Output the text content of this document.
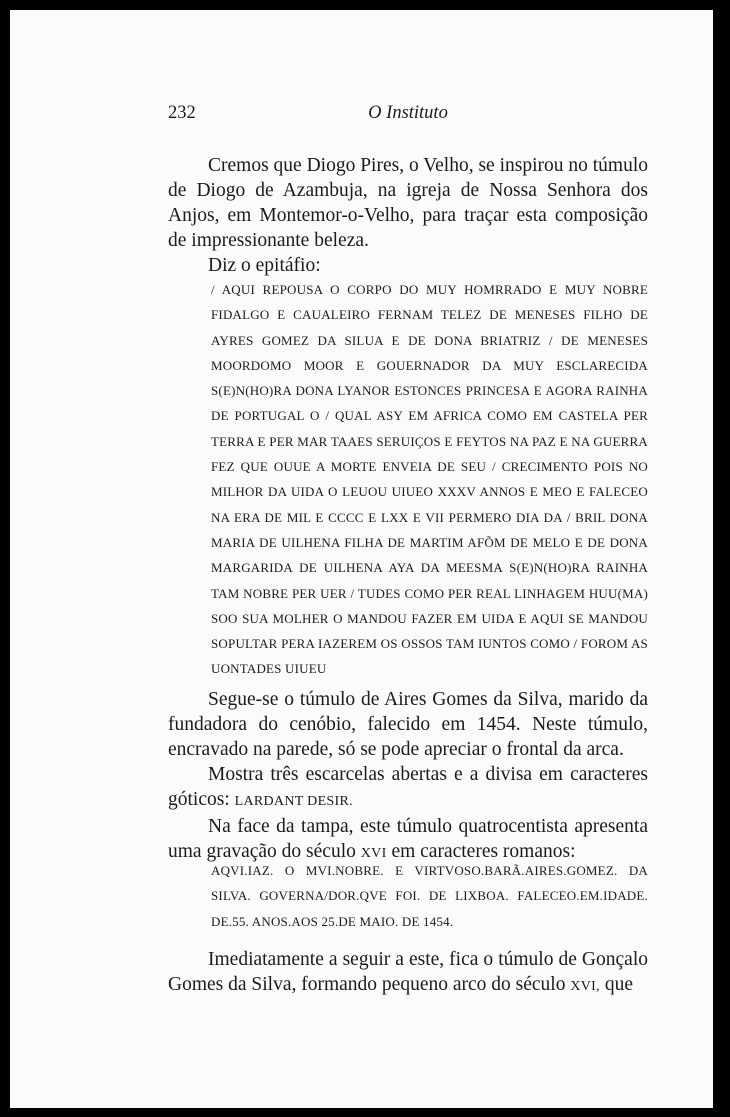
232	O Instituto

Cremos que Diogo Pires, o Velho, se inspirou no túmulo de Diogo de Azambuja, na igreja de Nossa Senhora dos Anjos, em Montemor-o-Velho, para traçar esta composição de impressionante beleza.

Diz o epitáfio:

/ AQUI REPOUSA O CORPO DO MUY HOMRRADO E MUY NOBRE FIDALGO E CAUALEIRO FERNAM TELEZ DE MENESES FILHO DE AYRES GOMEZ DA SILUA E DE DONA BRIATRIZ / DE MENESES MOORDOMO MOOR E GOUERNADOR DA MUY ESCLARECIDA S(E)N(HO)RA DONA LYANOR ESTONCES PRINCESA E AGORA RAINHA DE PORTUGAL O / QUAL ASY EM AFRICA COMO EM CASTELA PER TERRA E PER MAR TAAES SERUIÇOS E FEYTOS NA PAZ E NA GUERRA FEZ QUE OUUE A MORTE ENVEIA DE SEU / CRECIMENTO POIS NO MILHOR DA UIDA O LEUOU UIUEO XXXV ANNOS E MEO E FALECEO NA ERA DE MIL E CCCC E LXX E VII PERMERO DIA DA / BRIL DONA MARIA DE UILHENA FILHA DE MARTIM AFÕM DE MELO E DE DONA MARGARIDA DE UILHENA AYA DA MEESMA S(E)N(HO)RA RAINHA TAM NOBRE PER UER / TUDES COMO PER REAL LINHAGEM HUU(MA) SOO SUA MOLHER O MANDOU FAZER EM UIDA E AQUI SE MANDOU SOPULTAR PERA IAZEREM OS OSSOS TAM IUNTOS COMO / FOROM AS UONTADES UIUEU

Segue-se o túmulo de Aires Gomes da Silva, marido da fundadora do cenóbio, falecido em 1454. Neste túmulo, encravado na parede, só se pode apreciar o frontal da arca.

Mostra três escarcelas abertas e a divisa em caracteres góticos: LARDANT DESIR.

Na face da tampa, este túmulo quatrocentista apresenta uma gravação do século XVI em caracteres romanos:

AQVI.IAZ. O MVI.NOBRE. E VIRTVOSO.BARÃ.AIRES.GOMEZ. DA SILVA. GOVERNA/DOR.QVE FOI. DE LIXBOA. FALECEO.EM.IDADE. DE.55. ANOS.AOS 25.DE MAIO. DE 1454.

Imediatamente a seguir a este, fica o túmulo de Gonçalo Gomes da Silva, formando pequeno arco do século XVI, que
